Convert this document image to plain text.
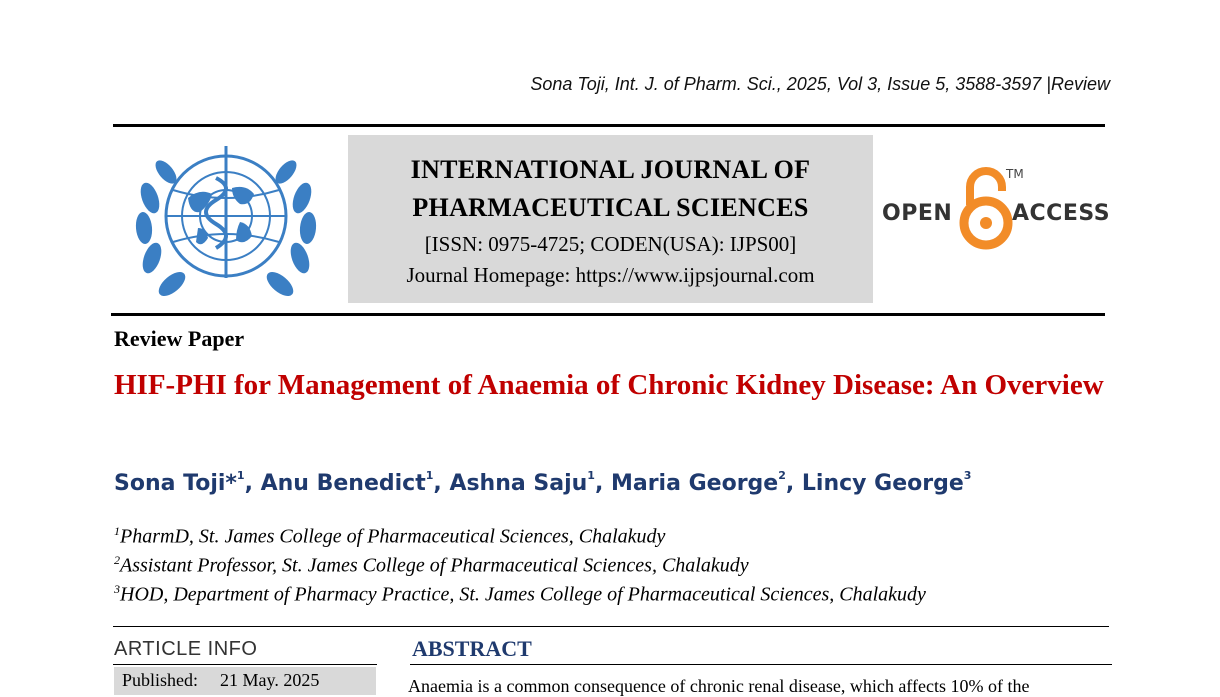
Sona Toji, Int. J. of Pharm. Sci., 2025, Vol 3, Issue 5, 3588-3597 |Review
INTERNATIONAL JOURNAL OF
PHARMACEUTICAL SCIENCES
[ISSN: 0975-4725; CODEN(USA): IJPS00]
Journal Homepage: https://www.ijpsjournal.com
OPEN
TM
ACCESS
Review Paper
HIF-PHI for Management of Anaemia of Chronic Kidney Disease: An Overview
Sona Toji*$^1$, Anu Benedict$^1$, Ashna Saju$^1$, Maria George$^2$, Lincy George$^3$
$^1$PharmD, St. James College of Pharmaceutical Sciences, Chalakudy
$^2$Assistant Professor, St. James College of Pharmaceutical Sciences, Chalakudy
$^3$HOD, Department of Pharmacy Practice, St. James College of Pharmaceutical Sciences, Chalakudy
ARTICLE INFO
Published: 21 May. 2025
ABSTRACT
Anaemia is a common consequence of chronic renal disease, which affects 10% of the
